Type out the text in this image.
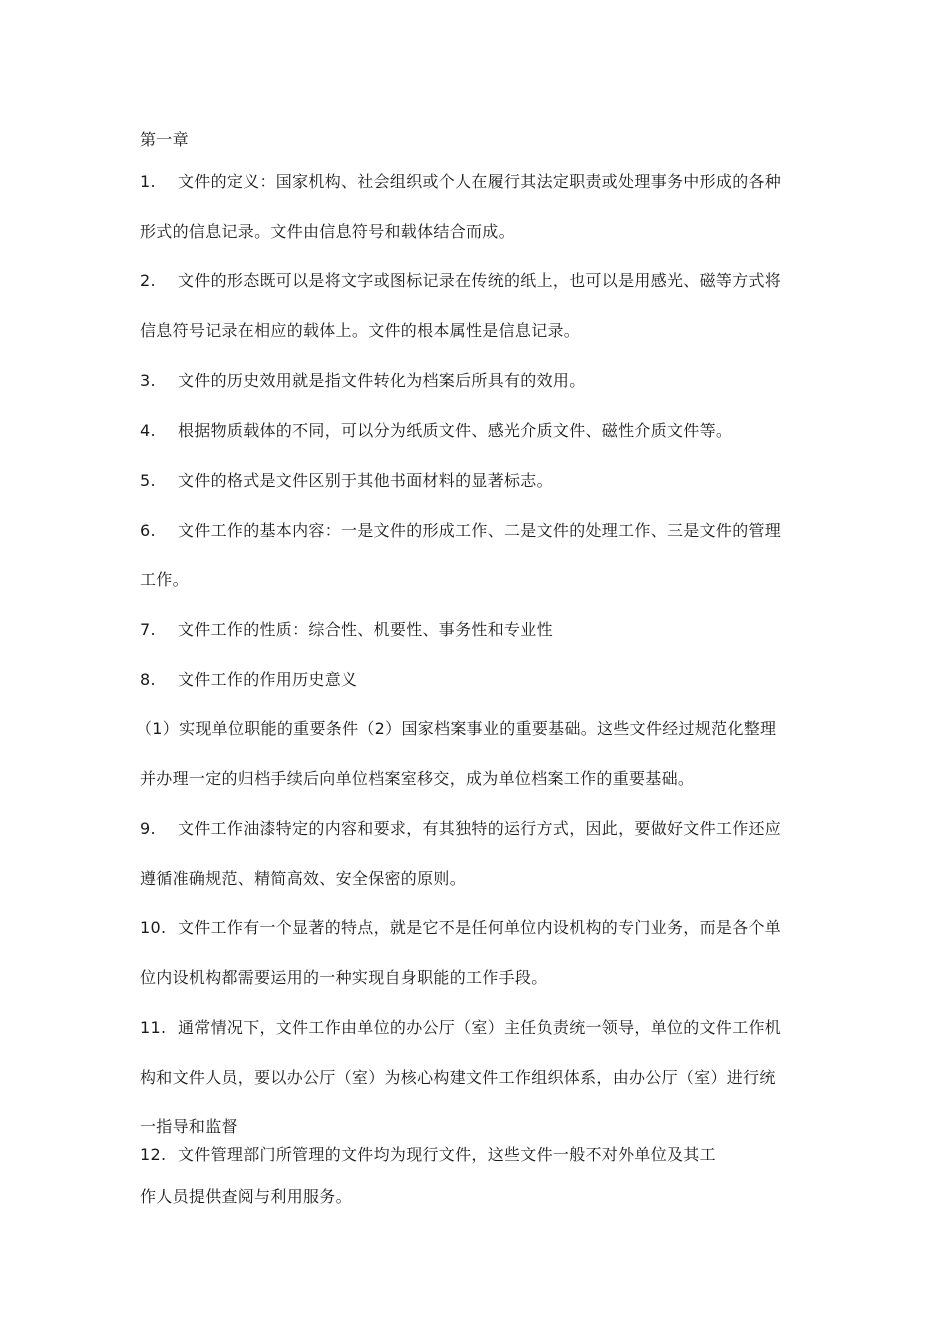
第一章
1. 文件的定义：国家机构、社会组织或个人在履行其法定职责或处理事务中形成的各种
形式的信息记录。文件由信息符号和载体结合而成。
2. 文件的形态既可以是将文字或图标记录在传统的纸上，也可以是用感光、磁等方式将
信息符号记录在相应的载体上。文件的根本属性是信息记录。
3. 文件的历史效用就是指文件转化为档案后所具有的效用。
4. 根据物质载体的不同，可以分为纸质文件、感光介质文件、磁性介质文件等。
5. 文件的格式是文件区别于其他书面材料的显著标志。
6. 文件工作的基本内容：一是文件的形成工作、二是文件的处理工作、三是文件的管理
工作。
7. 文件工作的性质：综合性、机要性、事务性和专业性
8. 文件工作的作用历史意义
（1）实现单位职能的重要条件（2）国家档案事业的重要基础。这些文件经过规范化整理
并办理一定的归档手续后向单位档案室移交，成为单位档案工作的重要基础。
9. 文件工作油漆特定的内容和要求，有其独特的运行方式，因此，要做好文件工作还应
遵循准确规范、精简高效、安全保密的原则。
10. 文件工作有一个显著的特点，就是它不是任何单位内设机构的专门业务，而是各个单
位内设机构都需要运用的一种实现自身职能的工作手段。
11. 通常情况下，文件工作由单位的办公厅（室）主任负责统一领导，单位的文件工作机
构和文件人员，要以办公厅（室）为核心构建文件工作组织体系，由办公厅（室）进行统
一指导和监督
12. 文件管理部门所管理的文件均为现行文件，这些文件一般不对外单位及其工
作人员提供查阅与利用服务。
